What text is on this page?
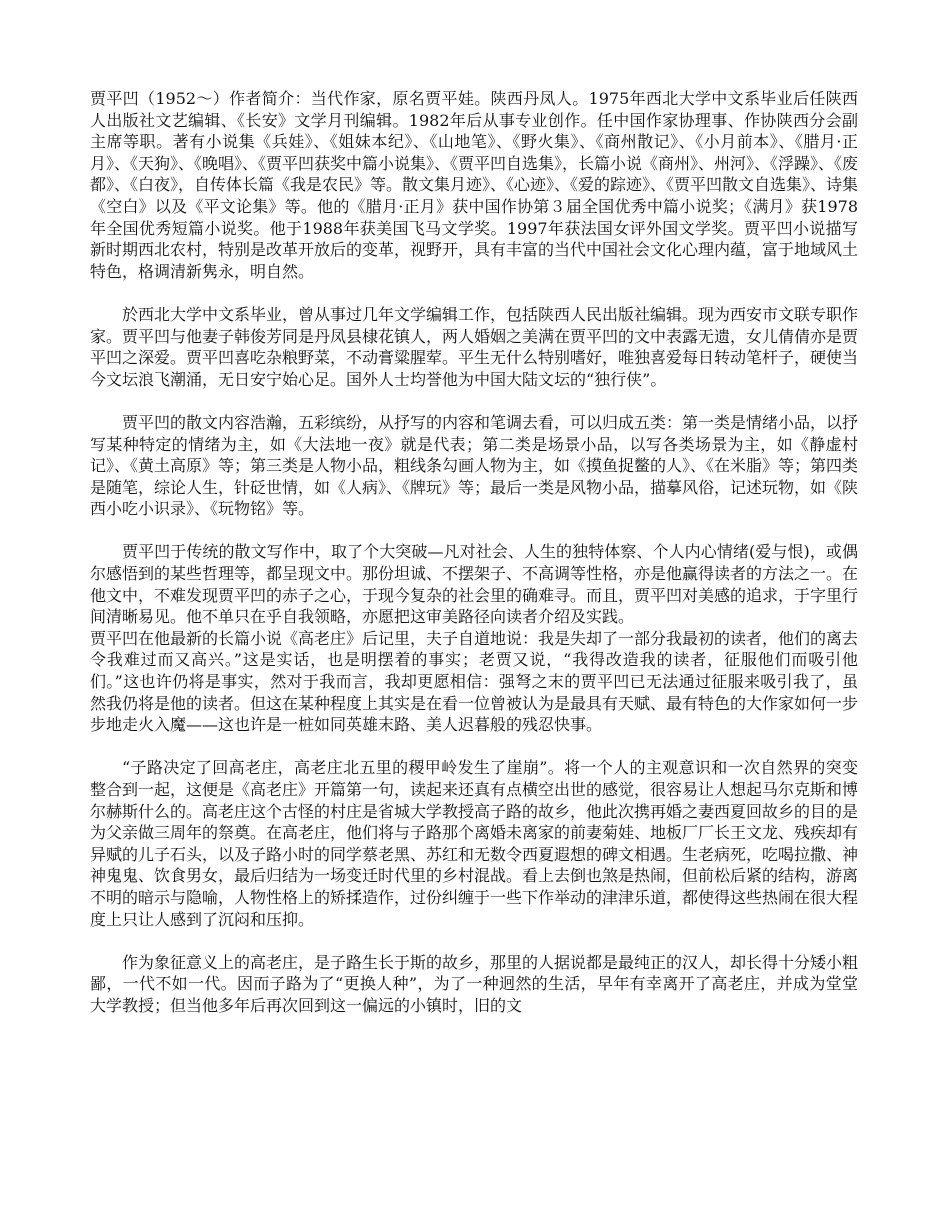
贾平凹（1952～）作者简介：当代作家，原名贾平娃。陕西丹凤人。1975年西北大学中文系毕业后任陕西人出版社文艺编辑、《长安》文学月刊编辑。1982年后从事专业创作。任中国作家协理事、作协陕西分会副主席等职。著有小说集《兵娃》、《姐妹本纪》、《山地笔》、《野火集》、《商州散记》、《小月前本》、《腊月·正月》、《天狗》、《晚唱》、《贾平凹获奖中篇小说集》、《贾平凹自选集》，长篇小说《商州》、州河》、《浮躁》、《废都》、《白夜》，自传体长篇《我是农民》等。散文集月迹》、《心迹》、《爱的踪迹》、《贾平凹散文自选集》、诗集《空白》以及《平文论集》等。他的《腊月·正月》获中国作协第３届全国优秀中篇小说奖；《满月》获1978年全国优秀短篇小说奖。他于1988年获美国飞马文学奖。1997年获法国女评外国文学奖。贾平凹小说描写新时期西北农村，特别是改革开放后的变革，视野开，具有丰富的当代中国社会文化心理内蕴，富于地域风土特色，格调清新隽永，明自然。

於西北大学中文系毕业，曾从事过几年文学编辑工作，包括陕西人民出版社编辑。现为西安市文联专职作家。贾平凹与他妻子韩俊芳同是丹凤县棣花镇人，两人婚姻之美满在贾平凹的文中表露无遗，女儿倩倩亦是贾平凹之深爱。贾平凹喜吃杂粮野菜，不动膏粱腥荤。平生无什么特别嗜好，唯独喜爱每日转动笔杆子，硬使当今文坛浪飞潮涌，无日安宁始心足。国外人士均誉他为中国大陆文坛的“独行侠”。

贾平凹的散文内容浩瀚，五彩缤纷，从抒写的内容和笔调去看，可以归成五类：第一类是情绪小品，以抒写某种特定的情绪为主，如《大法地一夜》就是代表；第二类是场景小品，以写各类场景为主，如《静虚村记》、《黄土高原》等；第三类是人物小品，粗线条勾画人物为主，如《摸鱼捉鳖的人》、《在米脂》等；第四类是随笔，综论人生，针砭世情，如《人病》、《牌玩》等；最后一类是风物小品，描摹风俗，记述玩物，如《陕西小吃小识录》、《玩物铭》等。

贾平凹于传统的散文写作中，取了个大突破—凡对社会、人生的独特体察、个人内心情绪(爱与恨)，或偶尔感悟到的某些哲理等，都呈现文中。那份坦诚、不摆架子、不高调等性格，亦是他赢得读者的方法之一。在他文中，不难发现贾平凹的赤子之心，于现今复杂的社会里的确难寻。而且，贾平凹对美感的追求，于字里行间清晰易见。他不单只在乎自我领略，亦愿把这审美路径向读者介绍及实践。

贾平凹在他最新的长篇小说《高老庄》后记里，夫子自道地说：我是失却了一部分我最初的读者，他们的离去令我难过而又高兴。”这是实话，也是明摆着的事实；老贾又说，“我得改造我的读者，征服他们而吸引他们。”这也许仍将是事实，然对于我而言，我却更愿相信：强弩之末的贾平凹已无法通过征服来吸引我了，虽然我仍将是他的读者。但这在某种程度上其实是在看一位曾被认为是最具有天赋、最有特色的大作家如何一步步地走火入魔——这也许是一桩如同英雄末路、美人迟暮般的残忍快事。

“子路决定了回高老庄，高老庄北五里的稷甲岭发生了崖崩”。将一个人的主观意识和一次自然界的突变整合到一起，这便是《高老庄》开篇第一句，读起来还真有点横空出世的感觉，很容易让人想起马尔克斯和博尔赫斯什么的。高老庄这个古怪的村庄是省城大学教授高子路的故乡，他此次携再婚之妻西夏回故乡的目的是为父亲做三周年的祭奠。在高老庄，他们将与子路那个离婚未离家的前妻菊娃、地板厂厂长王文龙、残疾却有异赋的儿子石头，以及子路小时的同学蔡老黑、苏红和无数令西夏遐想的碑文相遇。生老病死，吃喝拉撒、神神鬼鬼、饮食男女，最后归结为一场变迁时代里的乡村混战。看上去倒也煞是热闹，但前松后紧的结构，游离不明的暗示与隐喻，人物性格上的矫揉造作，过份纠缠于一些下作举动的津津乐道，都使得这些热闹在很大程度上只让人感到了沉闷和压抑。

作为象征意义上的高老庄，是子路生长于斯的故乡，那里的人据说都是最纯正的汉人，却长得十分矮小粗鄙，一代不如一代。因而子路为了“更换人种”，为了一种迥然的生活，早年有幸离开了高老庄，并成为堂堂大学教授；但当他多年后再次回到这一偏远的小镇时，旧的文
